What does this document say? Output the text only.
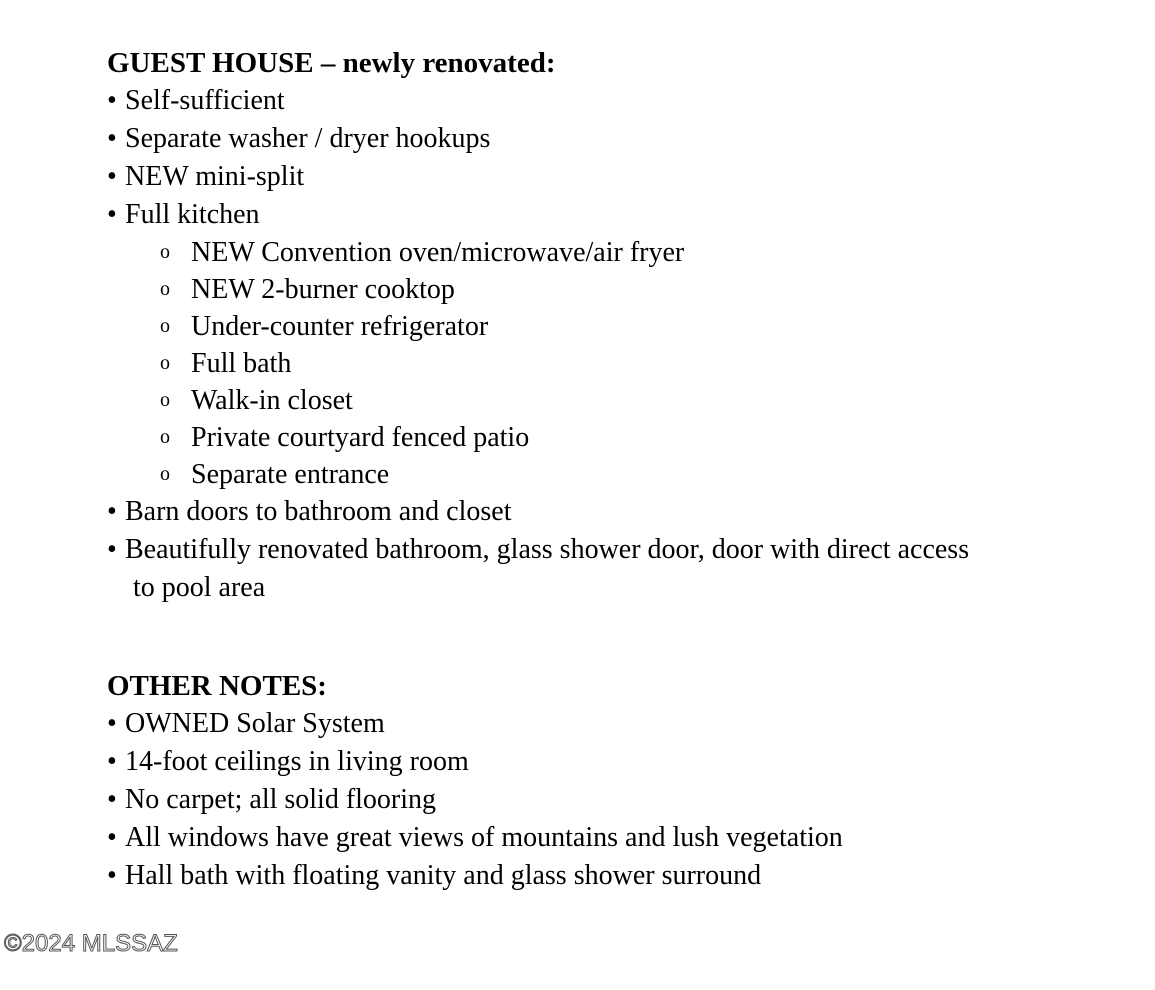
GUEST HOUSE – newly renovated:

• Self-sufficient
• Separate washer / dryer hookups
• NEW mini-split
• Full kitchen
o NEW Convention oven/microwave/air fryer
o NEW 2-burner cooktop
o Under-counter refrigerator
o Full bath
o Walk-in closet
o Private courtyard fenced patio
o Separate entrance
• Barn doors to bathroom and closet
• Beautifully renovated bathroom, glass shower door, door with direct access
to pool area

OTHER NOTES:

• OWNED Solar System
• 14-foot ceilings in living room
• No carpet; all solid flooring
• All windows have great views of mountains and lush vegetation
• Hall bath with floating vanity and glass shower surround
©2024 MLSSAZ
